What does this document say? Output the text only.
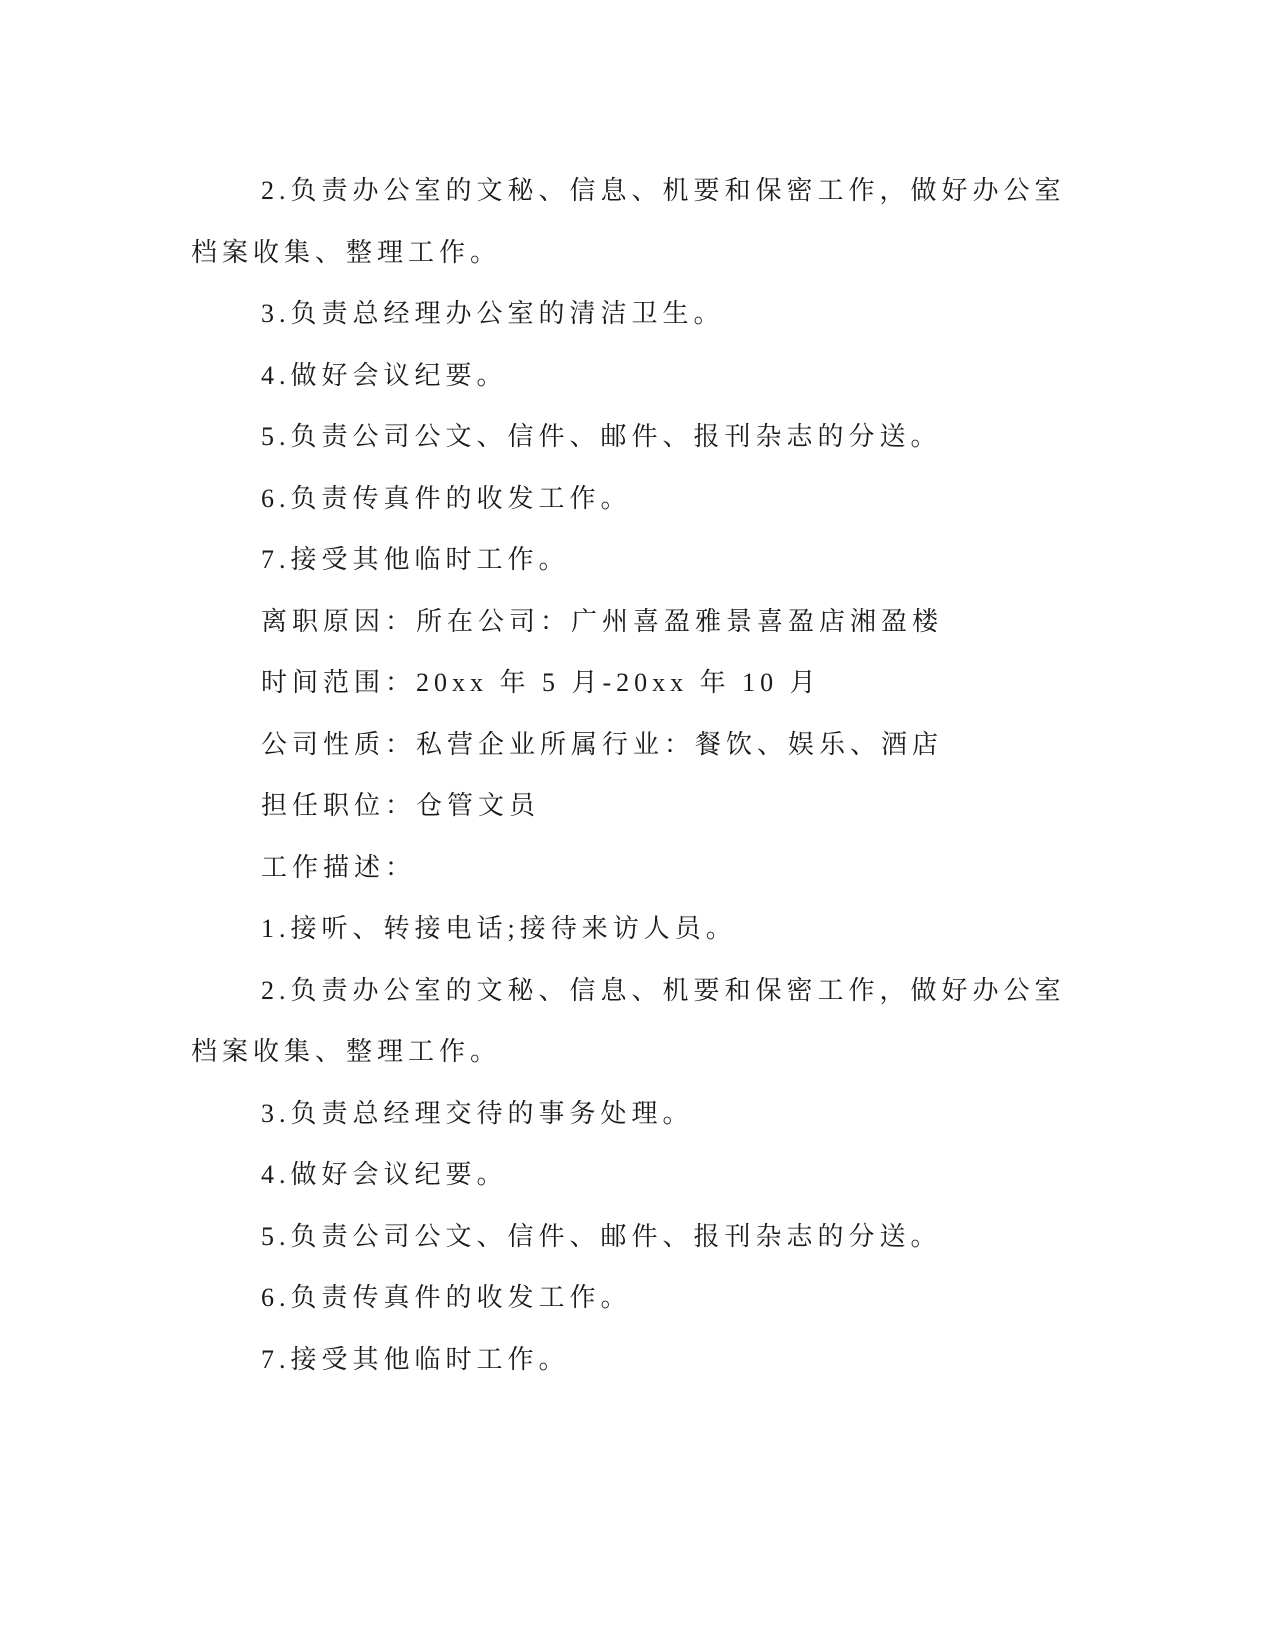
2.负责办公室的文秘、信息、机要和保密工作，做好办公室档案收集、整理工作。

3.负责总经理办公室的清洁卫生。

4.做好会议纪要。

5.负责公司公文、信件、邮件、报刊杂志的分送。

6.负责传真件的收发工作。

7.接受其他临时工作。

离职原因：所在公司：广州喜盈雅景喜盈店湘盈楼

时间范围：20xx 年 5 月-20xx 年 10 月

公司性质：私营企业所属行业：餐饮、娱乐、酒店

担任职位：仓管文员

工作描述：

1.接听、转接电话;接待来访人员。

2.负责办公室的文秘、信息、机要和保密工作，做好办公室档案收集、整理工作。

3.负责总经理交待的事务处理。

4.做好会议纪要。

5.负责公司公文、信件、邮件、报刊杂志的分送。

6.负责传真件的收发工作。

7.接受其他临时工作。
